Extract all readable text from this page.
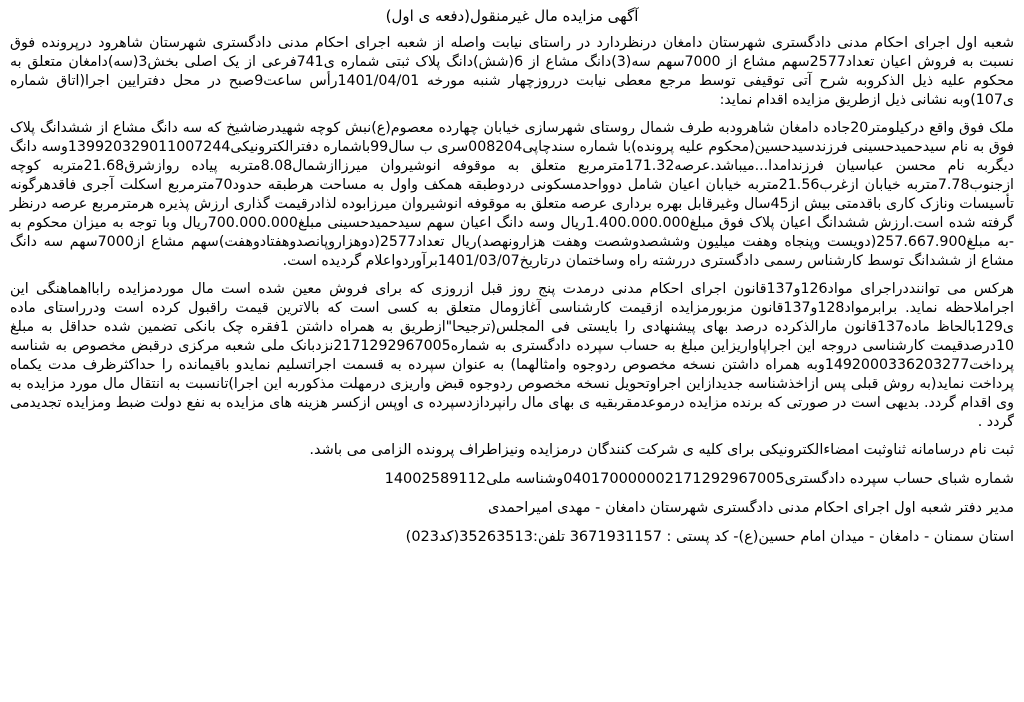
آگهی مزایده مال غیرمنقول(دفعه ی اول)

شعبه اول اجرای احکام مدنی دادگستری شهرستان دامغان درنظردارد در راستای نیابت واصله از شعبه اجرای احکام مدنی دادگستری شهرستان شاهرود درپرونده فوق نسبت به فروش اعیان تعداد2577سهم مشاع از 7000سهم سه(3)دانگ مشاع از 6(شش)دانگ پلاک ثبتی شماره ی741فرعی از یک اصلی بخش3(سه)دامغان متعلق به محکوم علیه ذیل الذکروبه شرح آتی توقیفی توسط مرجع معطی نیابت درروزچهار شنبه مورخه 1401/04/01رأس ساعت9صبح در محل دفترایین اجرا(اتاق شماره ی107)وبه نشانی ذیل ازطریق مزایده اقدام نماید:

ملک فوق واقع درکیلومتر20جاده دامغان شاهرودبه طرف شمال روستای شهرسازی خیابان چهارده معصوم(ع)نبش کوچه شهیدرضاشیخ که سه دانگ مشاع از ششدانگ پلاک فوق به نام سیدحمیدحسینی فرزندسیدحسین(محکوم علیه پرونده)با شماره سندچاپی008204سری ب سال99باشماره دفترالکترونیکی139920329011007244وسه دانگ دیگربه نام محسن عباسیان فرزندامدا...میباشد.عرصه171.32مترمربع متعلق به موقوفه انوشیروان میرزاازشمال8.08متربه پیاده روازشرق21.68متربه کوچه ازجنوب7.78متربه خیابان ازغرب21.56متربه خیابان اعیان شامل دوواحدمسکونی دردوطبقه همکف واول به مساحت هرطبقه حدود70مترمربع اسکلت آجری فاقدهرگونه تأسیسات ونازک کاری باقدمتی بیش از45سال وغیرقابل بهره برداری عرصه متعلق به موقوفه انوشیروان میرزابوده لذادرقیمت گذاری ارزش پذیره هرمترمربع عرصه درنظر گرفته شده است.ارزش ششدانگ اعیان پلاک فوق مبلغ1.400.000.000ریال وسه دانگ اعیان سهم سیدحمیدحسینی مبلغ700.000.000ریال وبا توجه به میزان محکوم به -به مبلغ257.667.900(دویست وپنجاه وهفت میلیون وششصدوشصت وهفت هزارونهصد)ریال تعداد2577(دوهزاروپانصدوهفتادوهفت)سهم مشاع از7000سهم سه دانگ مشاع از ششدانگ توسط کارشناس رسمی دادگستری دررشته راه وساختمان درتاریخ1401/03/07برآوردواعلام گردیده است.

هرکس می تواننددراجرای مواد126و137قانون اجرای احکام مدنی درمدت پنج روز قبل ازروزی که برای فروش معین شده است مال موردمزایده رابااهماهنگی این اجراملاحظه نماید. برابرمواد128و137قانون مزبورمزایده ازقیمت کارشناسی آغازومال متعلق به کسی است که بالاترین قیمت راقبول کرده است ودرراستای ماده ی129بالحاظ ماده137قانون مارالذکرده درصد بهای پیشنهادی را بایستی فی المجلس(ترجیحا"ازطریق به همراه داشتن 1فقره چک بانکی تضمین شده حداقل به مبلغ 10درصدقیمت کارشناسی دروجه این اجراپاواریزاین مبلغ به حساب سپرده دادگستری به شماره2171292967005نزدبانک ملی شعبه مرکزی درقبض مخصوص به شناسه پرداخت1492000336203277وبه همراه داشتن نسخه مخصوص ردوجوه وامثالهما) به عنوان سپرده به قسمت اجراتسلیم نمایدو باقیمانده را حداکثرظرف مدت یکماه پرداخت نماید(به روش قبلی پس ازاخذشناسه جدیدازاین اجراوتحویل نسخه مخصوص ردوجوه قبض واریزی درمهلت مذکوربه این اجرا)تانسبت به انتقال مال مورد مزایده به وی اقدام گردد. بدیهی است در صورتی که برنده مزایده درموعدمقربقیه ی بهای مال رانپردازدسپرده ی اوپس ازکسر هزینه های مزایده به نفع دولت ضبط ومزایده تجدیدمی گردد .

ثبت نام درسامانه ثناوثبت امضاءالکترونیکی برای کلیه ی شرکت کنندگان درمزایده ونیزاطراف پرونده الزامی می باشد.

شماره شبای حساب سپرده دادگستری040170000002171292967005وشناسه ملی14002589112

مدیر دفتر شعبه اول اجرای احکام مدنی دادگستری شهرستان دامغان - مهدی امیراحمدی

استان سمنان - دامغان - میدان امام حسین(ع)- کد پستی : 3671931157 تلفن:35263513(کد023)
